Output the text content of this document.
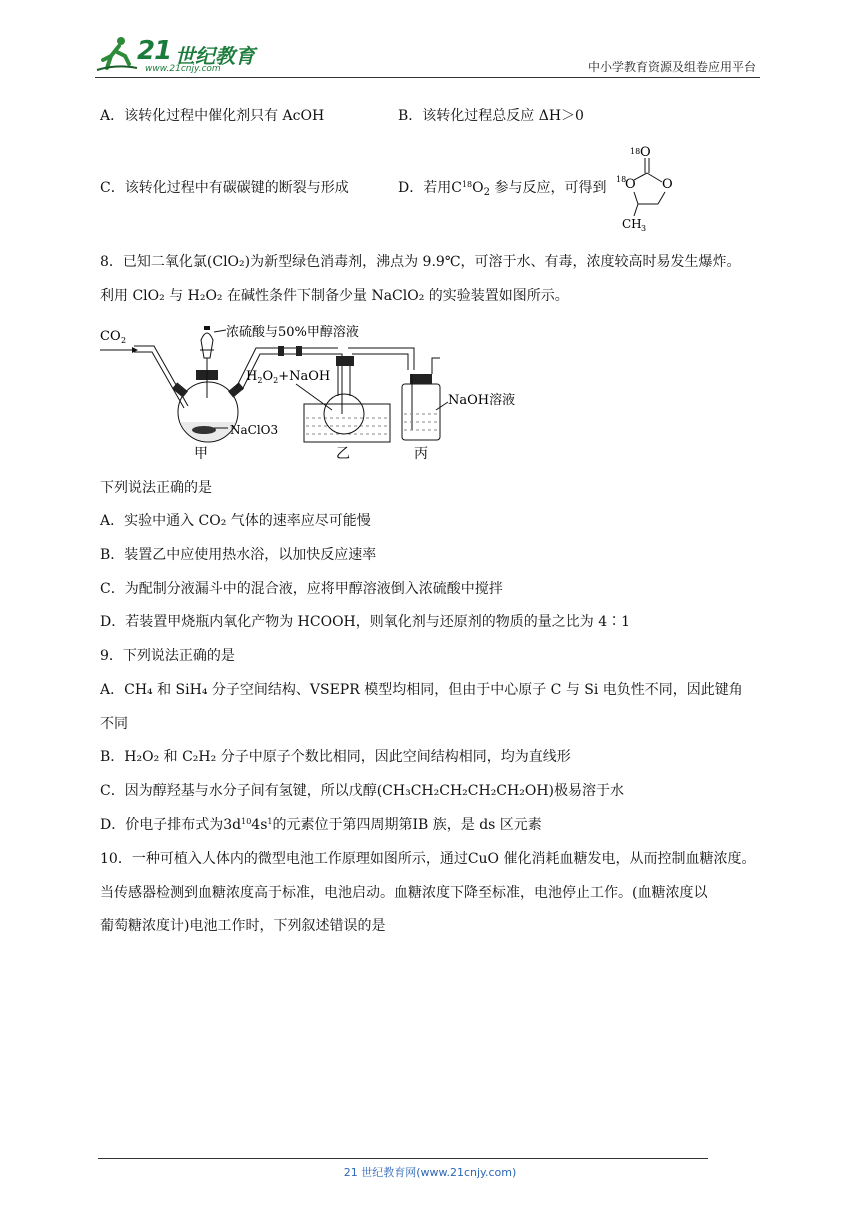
21 世纪教育
www.21cnjy.com	中小学教育资源及组卷应用平台
A．该转化过程中催化剂只有 AcOH	B．该转化过程总反应 ΔH＞0
C．该转化过程中有碳碳键的断裂与形成	D．若用$C^{18}O_2$ 参与反应，可得到
18 O
18
O O
CH 3
8．已知二氧化氯(ClO₂)为新型绿色消毒剂，沸点为 9.9℃，可溶于水、有毒，浓度较高时易发生爆炸。
利用 ClO₂ 与 H₂O₂ 在碱性条件下制备少量 NaClO₂ 的实验装置如图所示。
CO 2
浓硫酸与50%甲醇溶液
NaClO3
$H_2O_2+NaOH$
NaOH溶液
甲	乙	丙
下列说法正确的是
A．实验中通入 CO₂ 气体的速率应尽可能慢
B．装置乙中应使用热水浴，以加快反应速率
C．为配制分液漏斗中的混合液，应将甲醇溶液倒入浓硫酸中搅拌
D．若装置甲烧瓶内氧化产物为 HCOOH，则氧化剂与还原剂的物质的量之比为 4∶1
9．下列说法正确的是
A．CH₄ 和 SiH₄ 分子空间结构、VSEPR 模型均相同，但由于中心原子 C 与 Si 电负性不同，因此键角
不同
B．H₂O₂ 和 C₂H₂ 分子中原子个数比相同，因此空间结构相同，均为直线形
C．因为醇羟基与水分子间有氢键，所以戊醇(CH₃CH₂CH₂CH₂CH₂OH)极易溶于水
D．价电子排布式为$3d^{10}4s^1$的元素位于第四周期第ⅠB 族，是 ds 区元素
10．一种可植入人体内的微型电池工作原理如图所示，通过CuO 催化消耗血糖发电，从而控制血糖浓度。
当传感器检测到血糖浓度高于标准，电池启动。血糖浓度下降至标准，电池停止工作。(血糖浓度以
葡萄糖浓度计)电池工作时，下列叙述错误的是
21 世纪教育网(www.21cnjy.com)
